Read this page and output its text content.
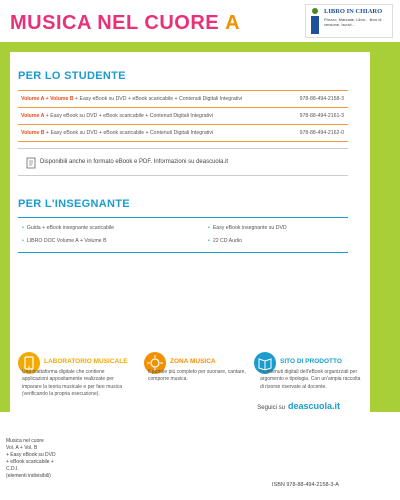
MUSICA NEL CUORE A
LIBRO IN CHIARO
Prezzo, Manuale, Libro... libro di versione, Iscrivi...
PER LO STUDENTE
Volume A + Volume B + Easy eBook su DVD + eBook scaricabile + Contenuti Digitali Integrativi	978-88-494-2158-3
Volume A + Easy eBook su DVD + eBook scaricabile + Contenuti Digitali Integrativi	978-88-494-2161-3
Volume B + Easy eBook su DVD + eBook scaricabile + Contenuti Digitali Integrativi	978-88-494-2162-0
Disponibili anche in formato eBook e PDF. Informazioni su deascuola.it
PER L'INSEGNANTE
• Guida + eBook insegnante scaricabile
• LIBRO DOC Volume A + Volume B
• Easy eBook insegnante su DVD
• 22 CD Audio
LABORATORIO MUSICALE
Una piattaforma digitale che contiene applicazioni appositamente realizzate per imparare la teoria musicale e per fare musica (verificando la propria esecuzione).
ZONA MUSICA
Il portale più completo per suonare, cantare, comporre musica.
SITO DI PRODOTTO
I contenuti digitali dell'eBook organizzati per argomento e tipologia. Con un'ampia raccolta di risorse riservate al docente.
Seguici su deascuola.it
Musica nel cuore
Vol. A + Vol. B
+ Easy eBook su DVD
+ eBook scaricabile + C.D.I.
(elementi indivisibili)
ISBN 978-88-494-2158-3-A
